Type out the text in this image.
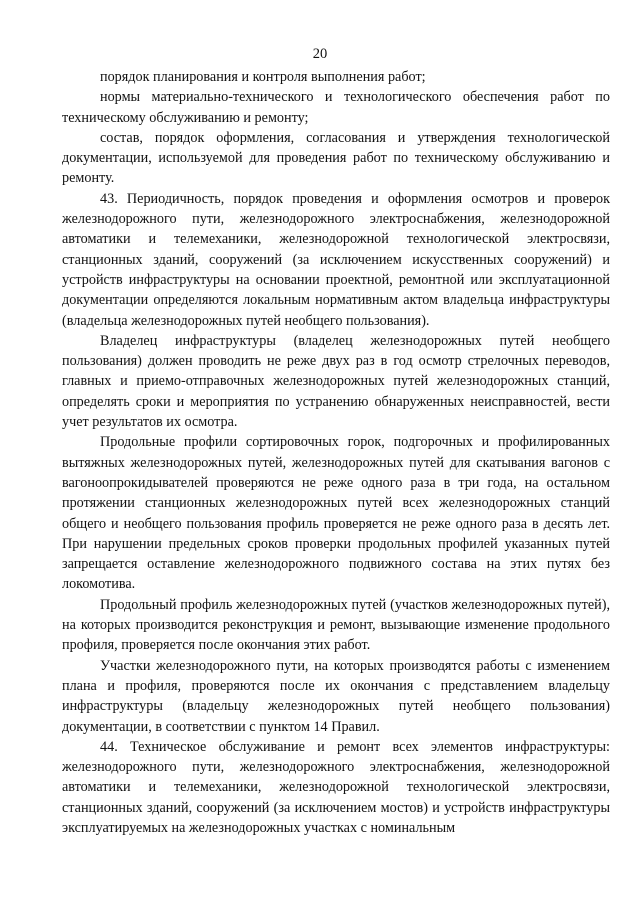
20

порядок планирования и контроля выполнения работ;

нормы материально-технического и технологического обеспечения работ по техническому обслуживанию и ремонту;

состав, порядок оформления, согласования и утверждения технологической документации, используемой для проведения работ по техническому обслуживанию и ремонту.

43. Периодичность, порядок проведения и оформления осмотров и проверок железнодорожного пути, железнодорожного электроснабжения, железнодорожной автоматики и телемеханики, железнодорожной технологической электросвязи, станционных зданий, сооружений (за исключением искусственных сооружений) и устройств инфраструктуры на основании проектной, ремонтной или эксплуатационной документации определяются локальным нормативным актом владельца инфраструктуры (владельца железнодорожных путей необщего пользования).

Владелец инфраструктуры (владелец железнодорожных путей необщего пользования) должен проводить не реже двух раз в год осмотр стрелочных переводов, главных и приемо-отправочных железнодорожных путей железнодорожных станций, определять сроки и мероприятия по устранению обнаруженных неисправностей, вести учет результатов их осмотра.

Продольные профили сортировочных горок, подгорочных и профилированных вытяжных железнодорожных путей, железнодорожных путей для скатывания вагонов с вагоноопрокидывателей проверяются не реже одного раза в три года, на остальном протяжении станционных железнодорожных путей всех железнодорожных станций общего и необщего пользования профиль проверяется не реже одного раза в десять лет. При нарушении предельных сроков проверки продольных профилей указанных путей запрещается оставление железнодорожного подвижного состава на этих путях без локомотива.

Продольный профиль железнодорожных путей (участков железнодорожных путей), на которых производится реконструкция и ремонт, вызывающие изменение продольного профиля, проверяется после окончания этих работ.

Участки железнодорожного пути, на которых производятся работы с изменением плана и профиля, проверяются после их окончания с представлением владельцу инфраструктуры (владельцу железнодорожных путей необщего пользования) документации, в соответствии с пунктом 14 Правил.

44. Техническое обслуживание и ремонт всех элементов инфраструктуры: железнодорожного пути, железнодорожного электроснабжения, железнодорожной автоматики и телемеханики, железнодорожной технологической электросвязи, станционных зданий, сооружений (за исключением мостов) и устройств инфраструктуры эксплуатируемых на железнодорожных участках с номинальным
